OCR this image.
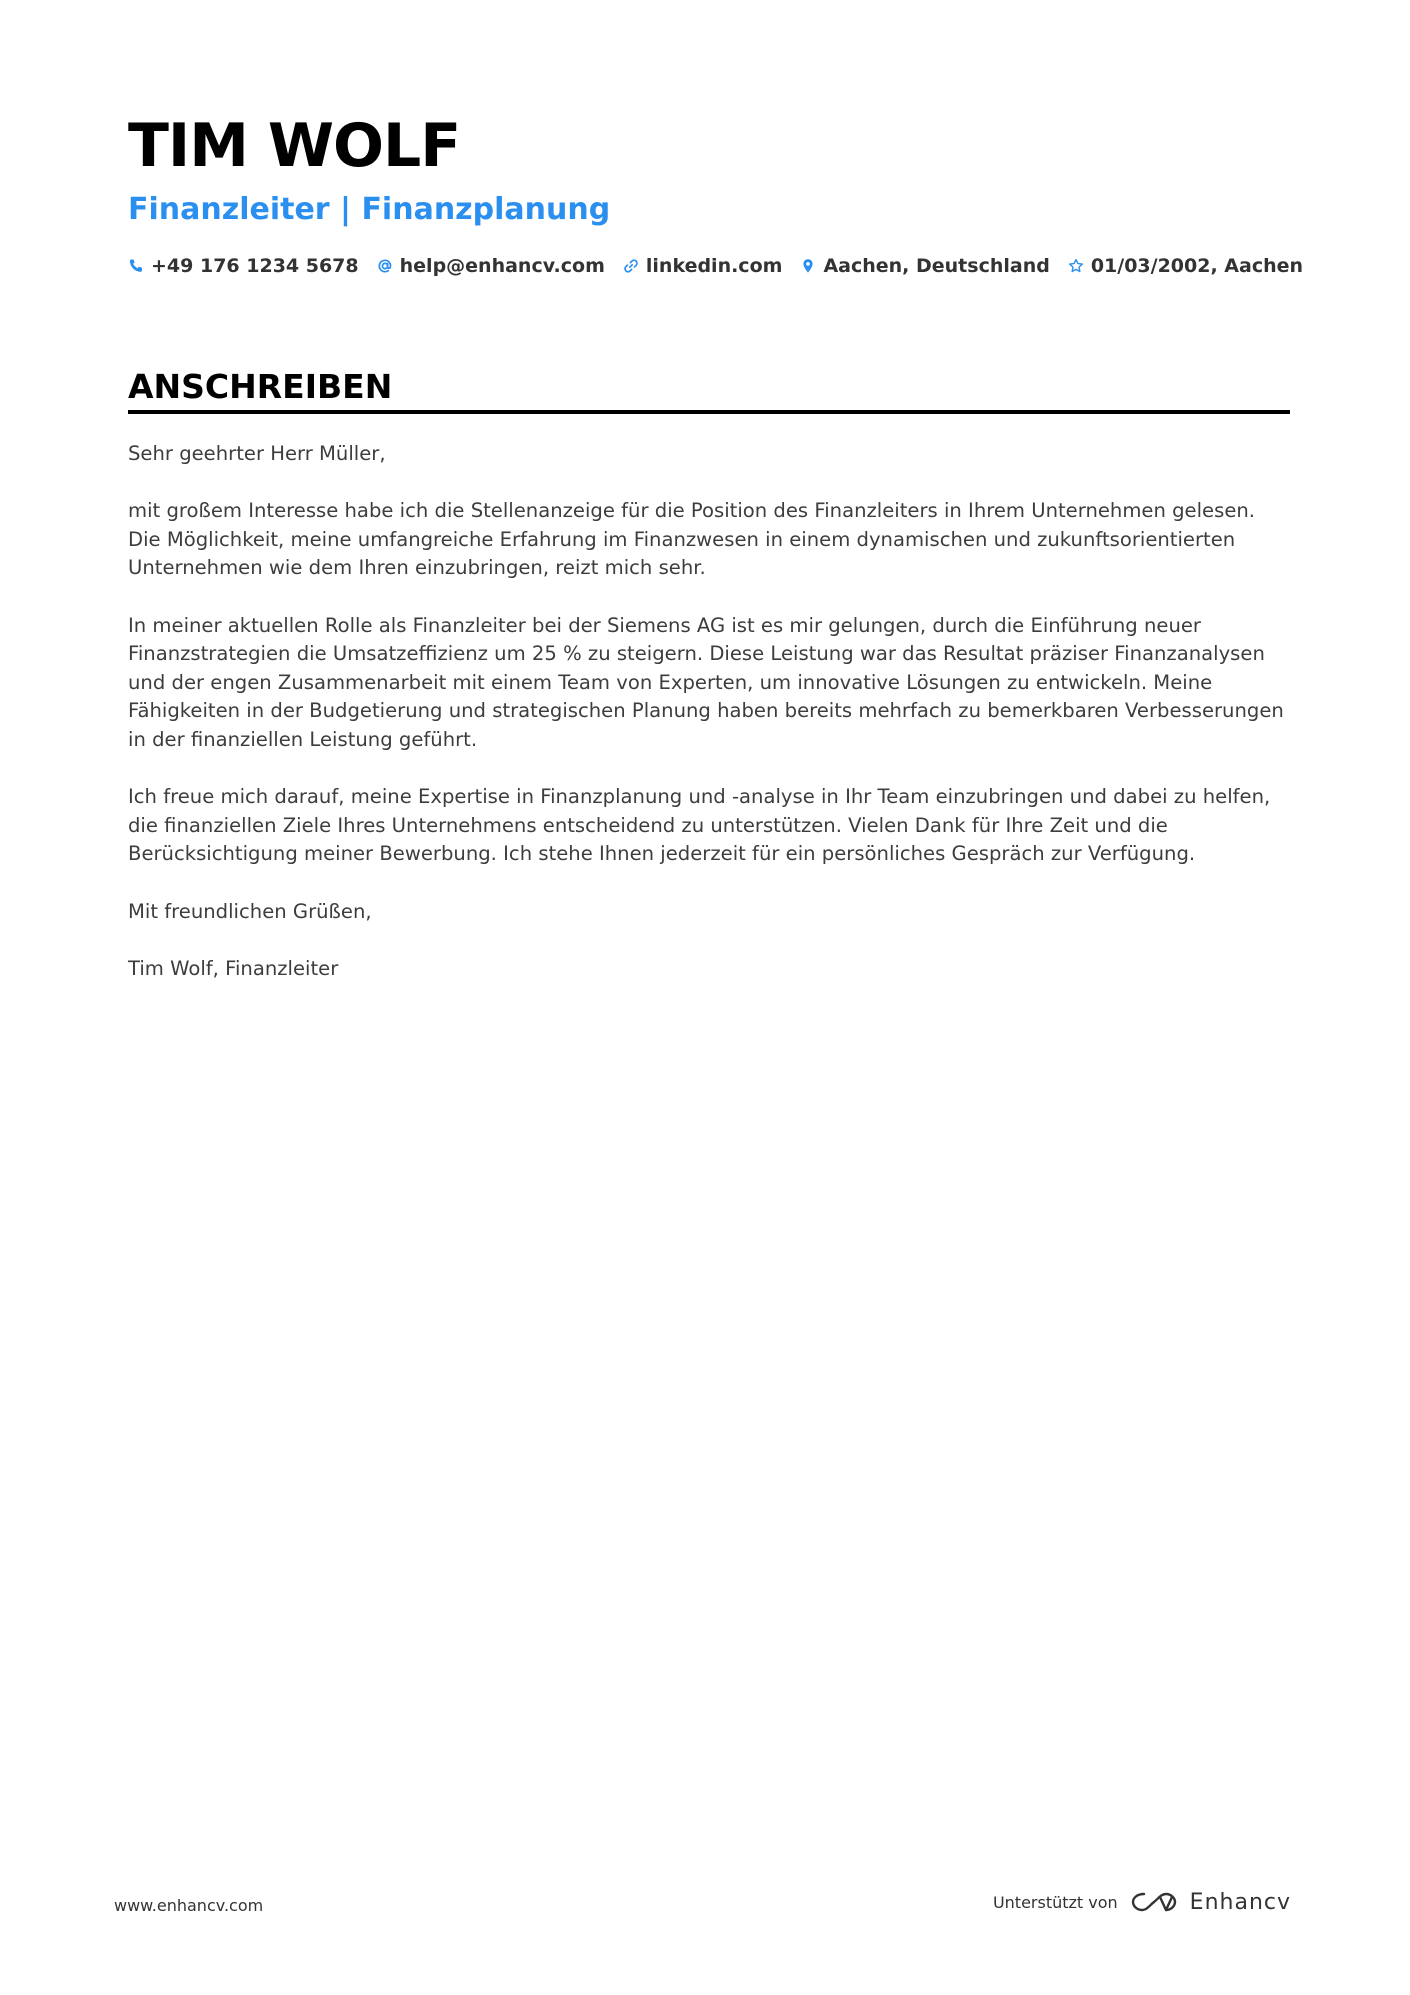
TIM WOLF
Finanzleiter | Finanzplanung
+49 176 1234 5678 help@enhancv.com linkedin.com Aachen, Deutschland 01/03/2002, Aachen
ANSCHREIBEN

Sehr geehrter Herr Müller,

mit großem Interesse habe ich die Stellenanzeige für die Position des Finanzleiters in Ihrem Unternehmen gelesen. Die Möglichkeit, meine umfangreiche Erfahrung im Finanzwesen in einem dynamischen und zukunftsorientierten Unternehmen wie dem Ihren einzubringen, reizt mich sehr.

In meiner aktuellen Rolle als Finanzleiter bei der Siemens AG ist es mir gelungen, durch die Einführung neuer Finanzstrategien die Umsatzeffizienz um 25 % zu steigern. Diese Leistung war das Resultat präziser Finanzanalysen und der engen Zusammenarbeit mit einem Team von Experten, um innovative Lösungen zu entwickeln. Meine Fähigkeiten in der Budgetierung und strategischen Planung haben bereits mehrfach zu bemerkbaren Verbesserungen in der finanziellen Leistung geführt.

Ich freue mich darauf, meine Expertise in Finanzplanung und -analyse in Ihr Team einzubringen und dabei zu helfen, die finanziellen Ziele Ihres Unternehmens entscheidend zu unterstützen. Vielen Dank für Ihre Zeit und die Berücksichtigung meiner Bewerbung. Ich stehe Ihnen jederzeit für ein persönliches Gespräch zur Verfügung.

Mit freundlichen Grüßen,

Tim Wolf, Finanzleiter

www.enhancv.com	Unterstützt von	Enhancv
